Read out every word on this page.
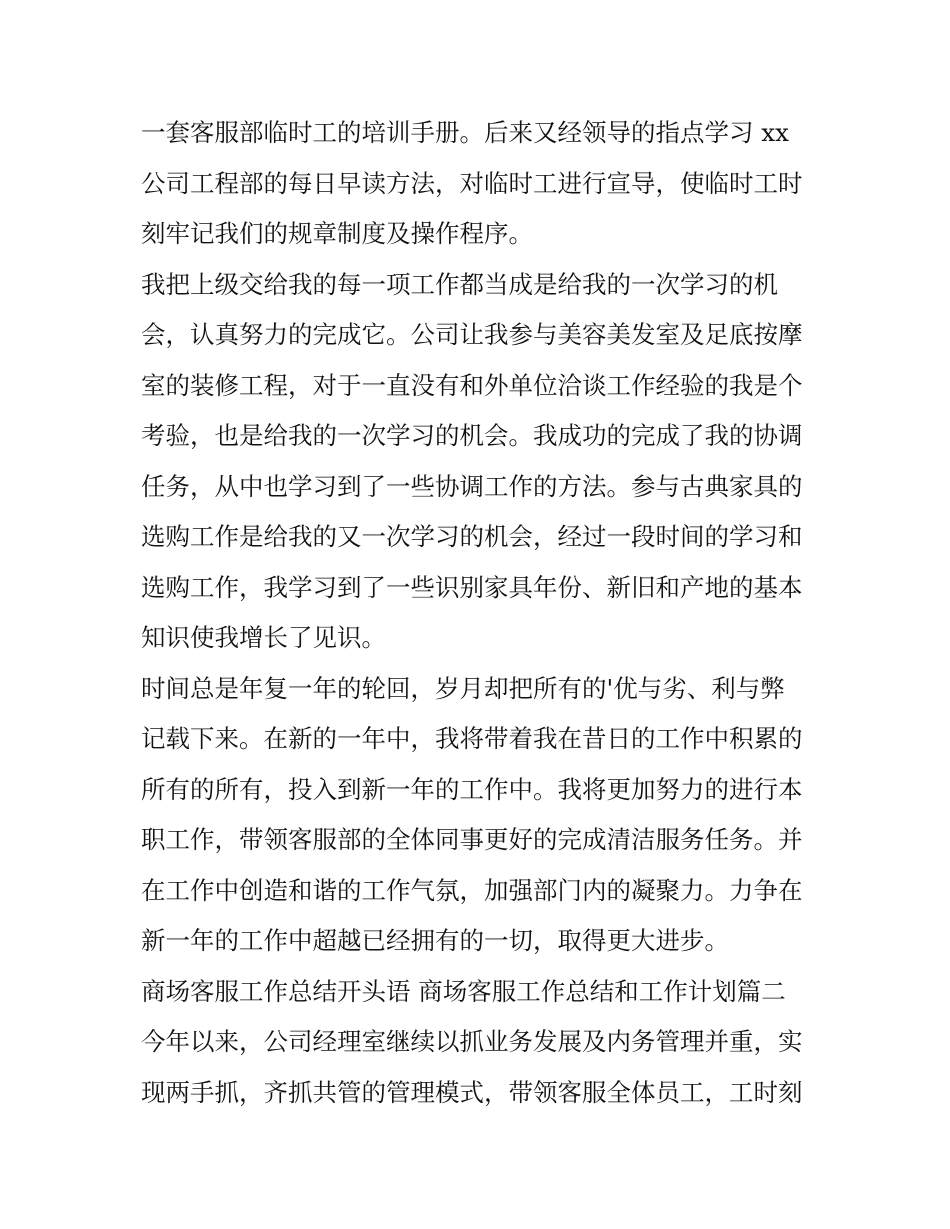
一套客服部临时工的培训手册。后来又经领导的指点学习 xx
公司工程部的每日早读方法，对临时工进行宣导，使临时工时
刻牢记我们的规章制度及操作程序。
我把上级交给我的每一项工作都当成是给我的一次学习的机
会，认真努力的完成它。公司让我参与美容美发室及足底按摩
室的装修工程，对于一直没有和外单位洽谈工作经验的我是个
考验，也是给我的一次学习的机会。我成功的完成了我的协调
任务，从中也学习到了一些协调工作的方法。参与古典家具的
选购工作是给我的又一次学习的机会，经过一段时间的学习和
选购工作，我学习到了一些识别家具年份、新旧和产地的基本
知识使我增长了见识。
时间总是年复一年的轮回，岁月却把所有的'优与劣、利与弊
记载下来。在新的一年中，我将带着我在昔日的工作中积累的
所有的所有，投入到新一年的工作中。我将更加努力的进行本
职工作，带领客服部的全体同事更好的完成清洁服务任务。并
在工作中创造和谐的工作气氛，加强部门内的凝聚力。力争在
新一年的工作中超越已经拥有的一切，取得更大进步。
商场客服工作总结开头语 商场客服工作总结和工作计划篇二
今年以来，公司经理室继续以抓业务发展及内务管理并重，实
现两手抓，齐抓共管的管理模式，带领客服全体员工，工时刻
